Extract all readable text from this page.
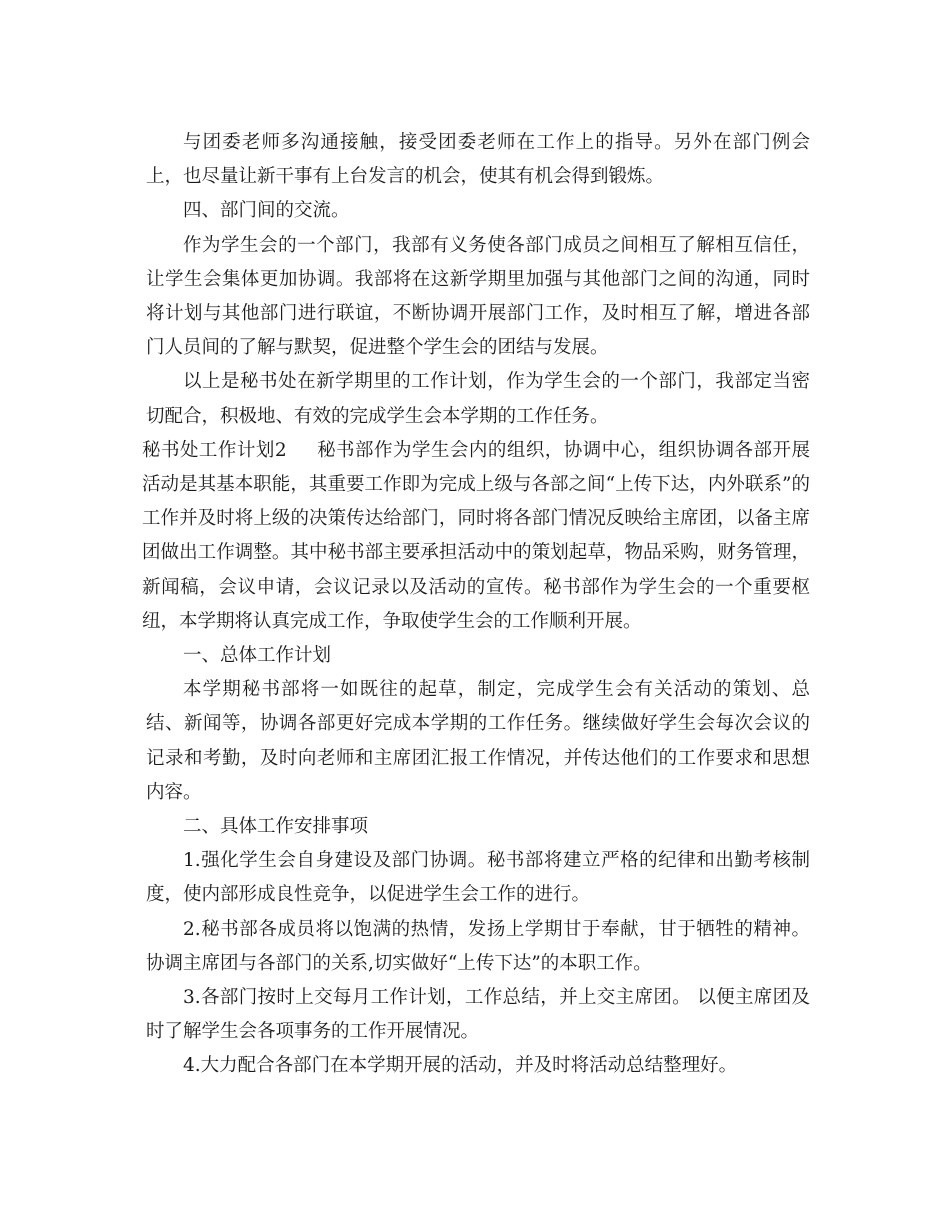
与团委老师多沟通接触，接受团委老师在工作上的指导。另外在部门例会上，也尽量让新干事有上台发言的机会，使其有机会得到锻炼。

四、部门间的交流。

作为学生会的一个部门，我部有义务使各部门成员之间相互了解相互信任，让学生会集体更加协调。我部将在这新学期里加强与其他部门之间的沟通，同时将计划与其他部门进行联谊，不断协调开展部门工作，及时相互了解，增进各部门人员间的了解与默契，促进整个学生会的团结与发展。

以上是秘书处在新学期里的工作计划，作为学生会的一个部门，我部定当密切配合，积极地、有效的完成学生会本学期的工作任务。

秘书处工作计划2 秘书部作为学生会内的组织，协调中心，组织协调各部开展活动是其基本职能，其重要工作即为完成上级与各部之间“上传下达，内外联系”的工作并及时将上级的决策传达给部门，同时将各部门情况反映给主席团，以备主席团做出工作调整。其中秘书部主要承担活动中的策划起草，物品采购，财务管理，新闻稿，会议申请，会议记录以及活动的宣传。秘书部作为学生会的一个重要枢纽，本学期将认真完成工作，争取使学生会的工作顺利开展。

一、总体工作计划

本学期秘书部将一如既往的起草，制定，完成学生会有关活动的策划、总结、新闻等，协调各部更好完成本学期的工作任务。继续做好学生会每次会议的记录和考勤，及时向老师和主席团汇报工作情况，并传达他们的工作要求和思想内容。

二、具体工作安排事项

1.强化学生会自身建设及部门协调。秘书部将建立严格的纪律和出勤考核制度，使内部形成良性竞争，以促进学生会工作的进行。

2.秘书部各成员将以饱满的热情，发扬上学期甘于奉献，甘于牺牲的精神。协调主席团与各部门的关系,切实做好“上传下达”的本职工作。

3.各部门按时上交每月工作计划，工作总结，并上交主席团。 以便主席团及时了解学生会各项事务的工作开展情况。

4.大力配合各部门在本学期开展的活动，并及时将活动总结整理好。
